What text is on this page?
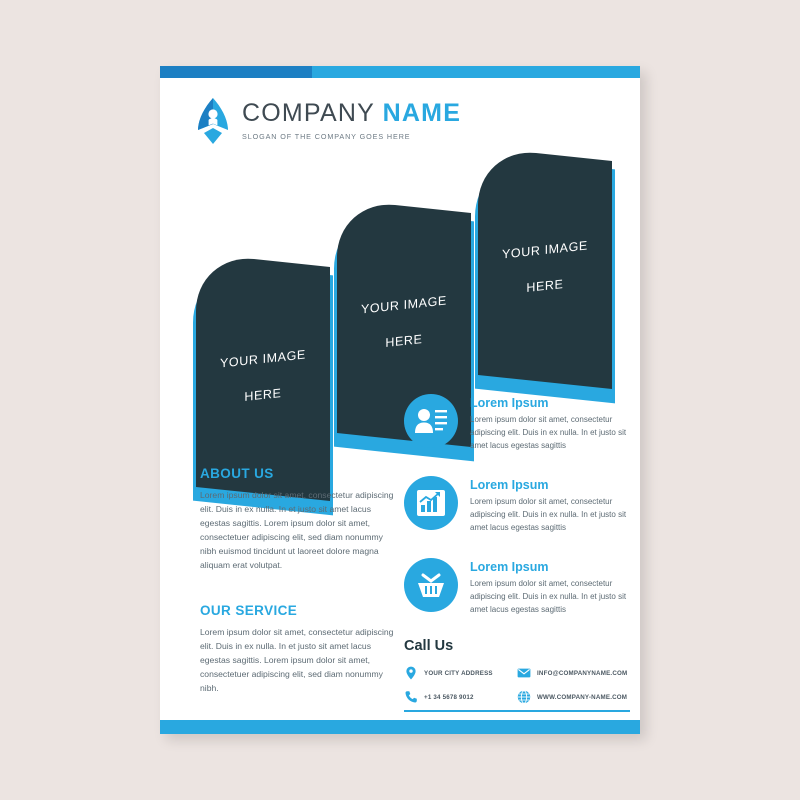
COMPANY NAME
SLOGAN OF THE COMPANY GOES HERE
YOUR IMAGE

HERE
YOUR IMAGE

HERE
YOUR IMAGE

HERE

ABOUT US

Lorem ipsum dolor sit amet, consectetur adipiscing elit. Duis in ex nulla. In et justo sit amet lacus egestas sagittis. Lorem ipsum dolor sit amet, consectetuer adipiscing elit, sed diam nonummy nibh euismod tincidunt ut laoreet dolore magna aliquam erat volutpat.

OUR SERVICE

Lorem ipsum dolor sit amet, consectetur adipiscing elit. Duis in ex nulla. In et justo sit amet lacus egestas sagittis. Lorem ipsum dolor sit amet, consectetuer adipiscing elit, sed diam nonummy nibh.

Lorem Ipsum

Lorem ipsum dolor sit amet, consectetur adipiscing elit. Duis in ex nulla. In et justo sit amet lacus egestas sagittis

Lorem Ipsum

Lorem ipsum dolor sit amet, consectetur adipiscing elit. Duis in ex nulla. In et justo sit amet lacus egestas sagittis

Lorem Ipsum

Lorem ipsum dolor sit amet, consectetur adipiscing elit. Duis in ex nulla. In et justo sit amet lacus egestas sagittis

Call Us

YOUR CITY ADDRESS	INFO@COMPANYNAME.COM
+1 34 5678 9012	WWW.COMPANY-NAME.COM
